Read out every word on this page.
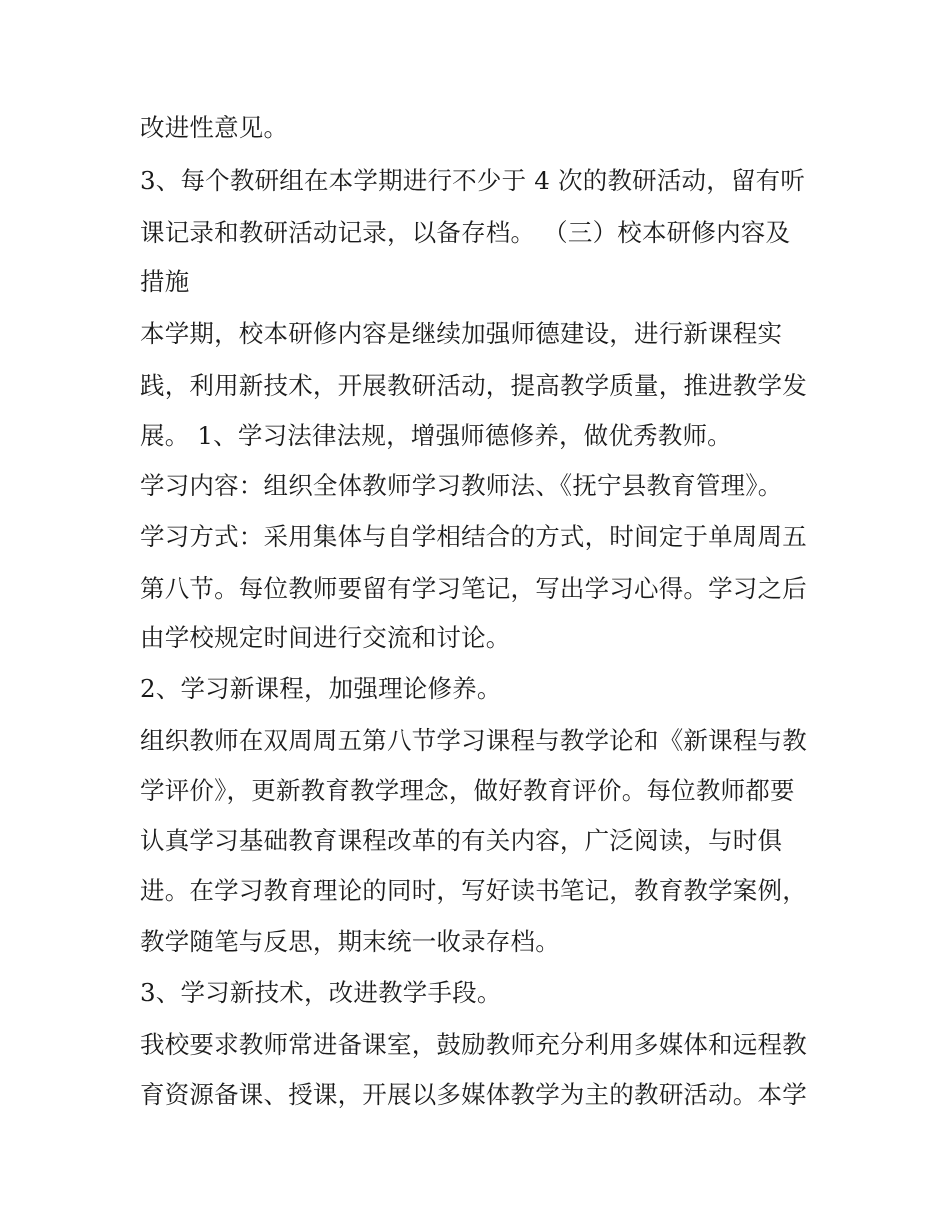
改进性意见。
3、每个教研组在本学期进行不少于 4 次的教研活动，留有听
课记录和教研活动记录，以备存档。 （三）校本研修内容及
措施
本学期，校本研修内容是继续加强师德建设，进行新课程实
践，利用新技术，开展教研活动，提高教学质量，推进教学发
展。 1、学习法律法规，增强师德修养，做优秀教师。
学习内容：组织全体教师学习教师法、《抚宁县教育管理》。
学习方式：采用集体与自学相结合的方式，时间定于单周周五
第八节。每位教师要留有学习笔记，写出学习心得。学习之后
由学校规定时间进行交流和讨论。
2、学习新课程，加强理论修养。
组织教师在双周周五第八节学习课程与教学论和《新课程与教
学评价》，更新教育教学理念，做好教育评价。每位教师都要
认真学习基础教育课程改革的有关内容，广泛阅读，与时俱
进。在学习教育理论的同时，写好读书笔记，教育教学案例，
教学随笔与反思，期末统一收录存档。
3、学习新技术，改进教学手段。
我校要求教师常进备课室，鼓励教师充分利用多媒体和远程教
育资源备课、授课，开展以多媒体教学为主的教研活动。本学
